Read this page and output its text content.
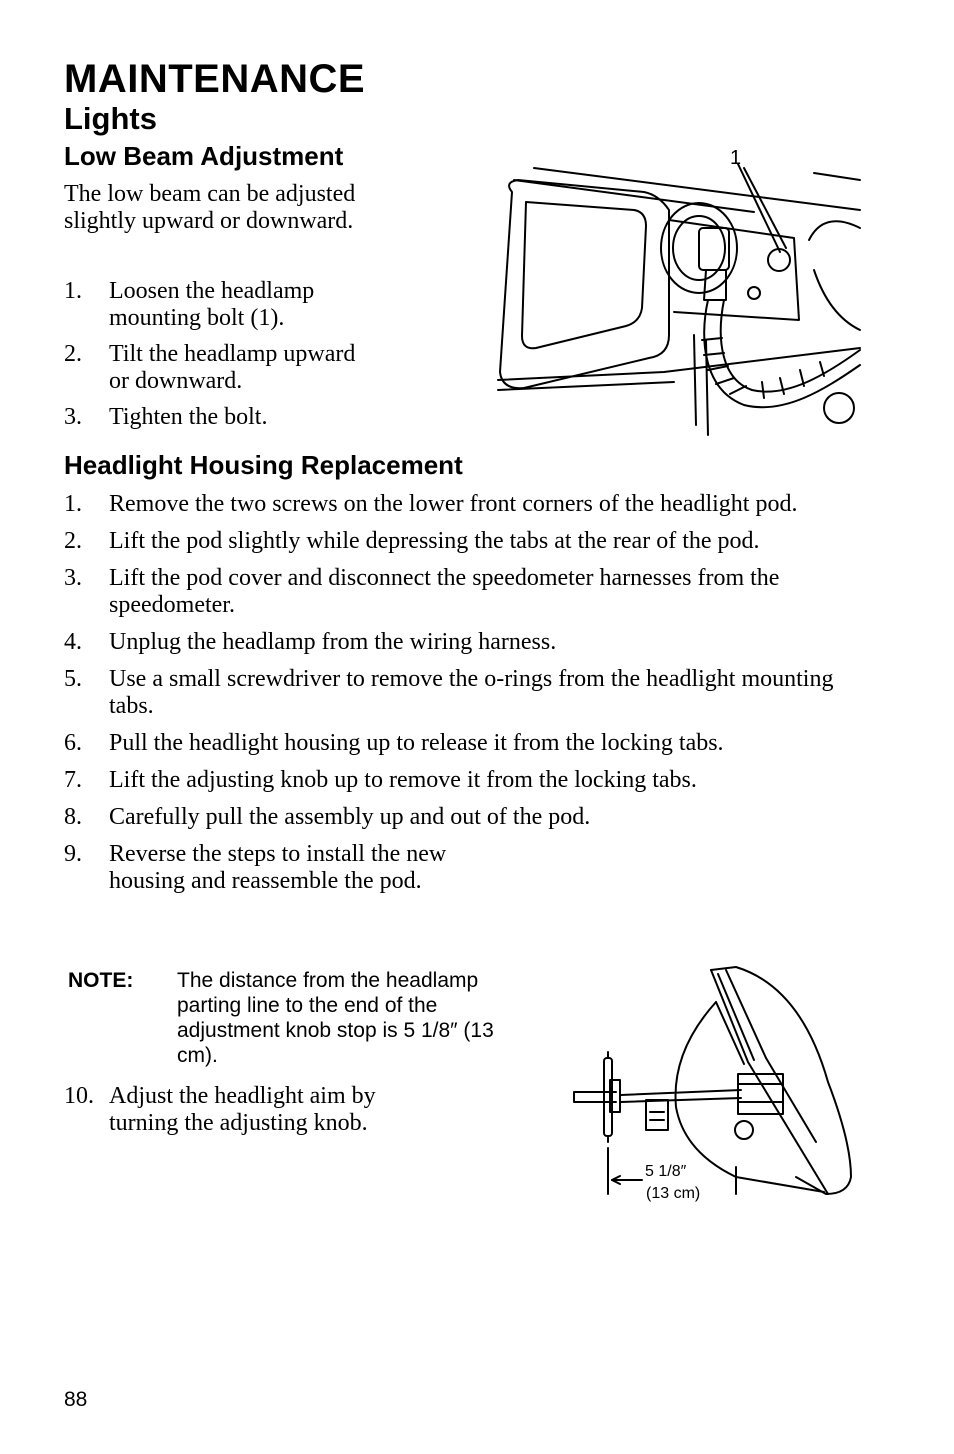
MAINTENANCE
Lights
Low Beam Adjustment

The low beam can be adjusted slightly upward or downward.

1. Loosen the headlamp mounting bolt (1).
2. Tilt the headlamp upward or downward.
3. Tighten the bolt.
1
Headlight Housing Replacement
1. Remove the two screws on the lower front corners of the headlight pod.
2. Lift the pod slightly while depressing the tabs at the rear of the pod.
3. Lift the pod cover and disconnect the speedometer harnesses from the speedometer.
4. Unplug the headlamp from the wiring harness.
5. Use a small screwdriver to remove the o-rings from the headlight mounting tabs.
6. Pull the headlight housing up to release it from the locking tabs.
7. Lift the adjusting knob up to remove it from the locking tabs.
8. Carefully pull the assembly up and out of the pod.
9. Reverse the steps to install the new housing and reassemble the pod.
NOTE: The distance from the headlamp parting line to the end of the adjustment knob stop is 5 1/8″ (13 cm).
10. Adjust the headlight aim by turning the adjusting knob.
5 1/8″
(13 cm)
88
